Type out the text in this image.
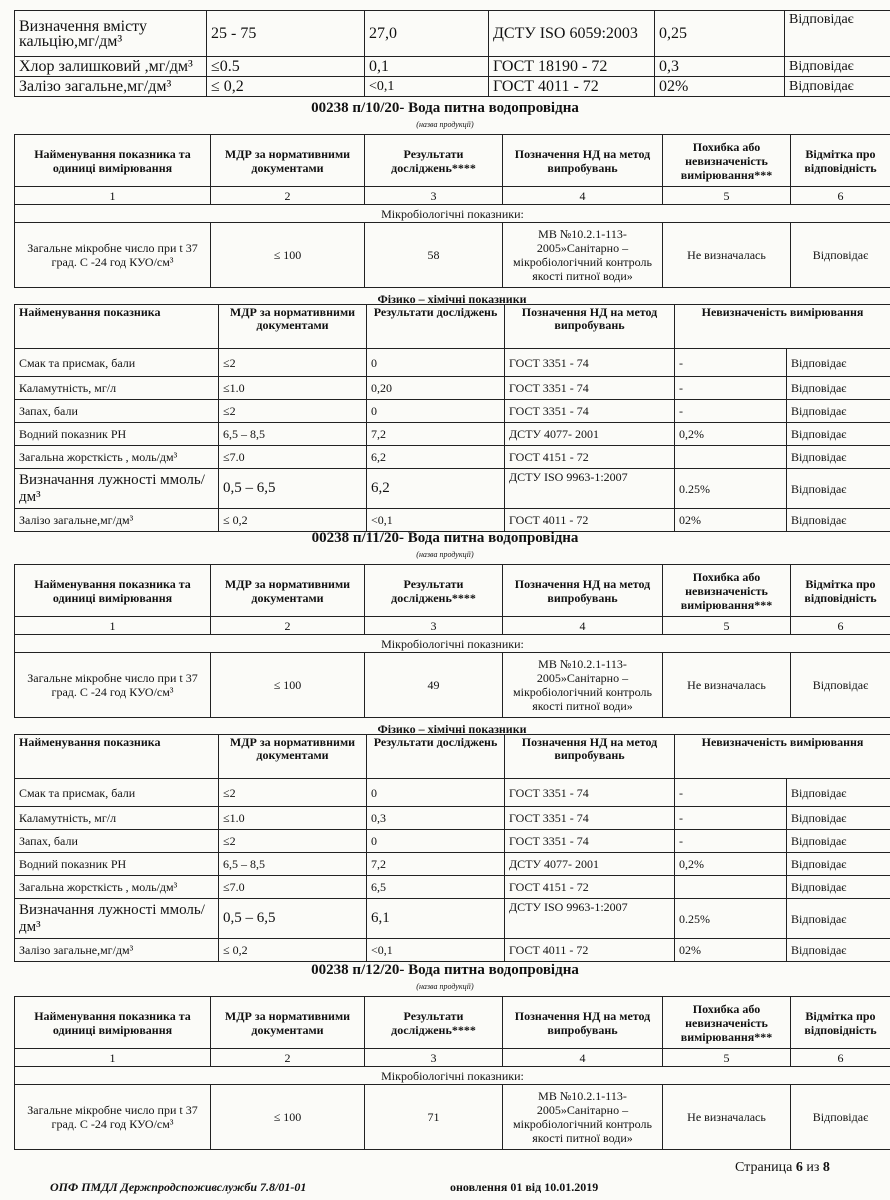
Визначення вмісту кальцію,мг/дм³	25 - 75	27,0	ДСТУ ISO 6059:2003	0,25	Відповідає
Хлор залишковий ,мг/дм³	≤0.5	0,1	ГОСТ 18190 - 72	0,3	Відповідає
Залізо загальне,мг/дм³	≤ 0,2	<0,1	ГОСТ 4011 - 72	02%	Відповідає
00238 п/10/20- Вода питна водопровідна
(назва продукції)
Найменування показника та одиниці вимірювання	МДР за нормативними документами	Результати досліджень****	Позначення НД на метод випробувань	Похибка або невизначеність вимірювання***	Відмітка про відповідність
1	2	3	4	5	6
Мікробіологічні показники:					
Загальне мікробне число при t 37 град. С -24 год КУО/см³	≤ 100	58	МВ №10.2.1-113-2005»Санітарно – мікробіологічний контроль якості питної води»	Не визначалась	Відповідає
Фізико – хімічні показники
Найменування показника	МДР за нормативними документами	Результати досліджень	Позначення НД на метод випробувань	Невизначеність вимірювання	
Смак та присмак, бали	≤2	0	ГОСТ 3351 - 74	-	Відповідає
Каламутність, мг/л	≤1.0	0,20	ГОСТ 3351 - 74	-	Відповідає
Запах, бали	≤2	0	ГОСТ 3351 - 74	-	Відповідає
Водний показник РН	6,5 – 8,5	7,2	ДСТУ 4077- 2001	0,2%	Відповідає
Загальна жорсткість , моль/дм³	≤7.0	6,2	ГОСТ 4151 - 72		Відповідає
Визначання лужності ммоль/дм³	0,5 – 6,5	6,2	ДСТУ ISO 9963-1:2007	0.25%	Відповідає
Залізо загальне,мг/дм³	≤ 0,2	<0,1	ГОСТ 4011 - 72	02%	Відповідає
00238 п/11/20- Вода питна водопровідна
(назва продукції)
Найменування показника та одиниці вимірювання	МДР за нормативними документами	Результати досліджень****	Позначення НД на метод випробувань	Похибка або невизначеність вимірювання***	Відмітка про відповідність
1	2	3	4	5	6
Мікробіологічні показники:					
Загальне мікробне число при t 37 град. С -24 год КУО/см³	≤ 100	49	МВ №10.2.1-113-2005»Санітарно – мікробіологічний контроль якості питної води»	Не визначалась	Відповідає
Фізико – хімічні показники
Найменування показника	МДР за нормативними документами	Результати досліджень	Позначення НД на метод випробувань	Невизначеність вимірювання	
Смак та присмак, бали	≤2	0	ГОСТ 3351 - 74	-	Відповідає
Каламутність, мг/л	≤1.0	0,3	ГОСТ 3351 - 74	-	Відповідає
Запах, бали	≤2	0	ГОСТ 3351 - 74	-	Відповідає
Водний показник РН	6,5 – 8,5	7,2	ДСТУ 4077- 2001	0,2%	Відповідає
Загальна жорсткість , моль/дм³	≤7.0	6,5	ГОСТ 4151 - 72		Відповідає
Визначання лужності ммоль/дм³	0,5 – 6,5	6,1	ДСТУ ISO 9963-1:2007	0.25%	Відповідає
Залізо загальне,мг/дм³	≤ 0,2	<0,1	ГОСТ 4011 - 72	02%	Відповідає
00238 п/12/20- Вода питна водопровідна
(назва продукції)
Найменування показника та одиниці вимірювання	МДР за нормативними документами	Результати досліджень****	Позначення НД на метод випробувань	Похибка або невизначеність вимірювання***	Відмітка про відповідність
1	2	3	4	5	6
Мікробіологічні показники:					
Загальне мікробне число при t 37 град. С -24 год КУО/см³	≤ 100	71	МВ №10.2.1-113-2005»Санітарно – мікробіологічний контроль якості питної води»	Не визначалась	Відповідає
Страница 6 из 8
ОПФ ПМДЛ Держпродспоживслужби 7.8/01-01	оновлення 01 від 10.01.2019
